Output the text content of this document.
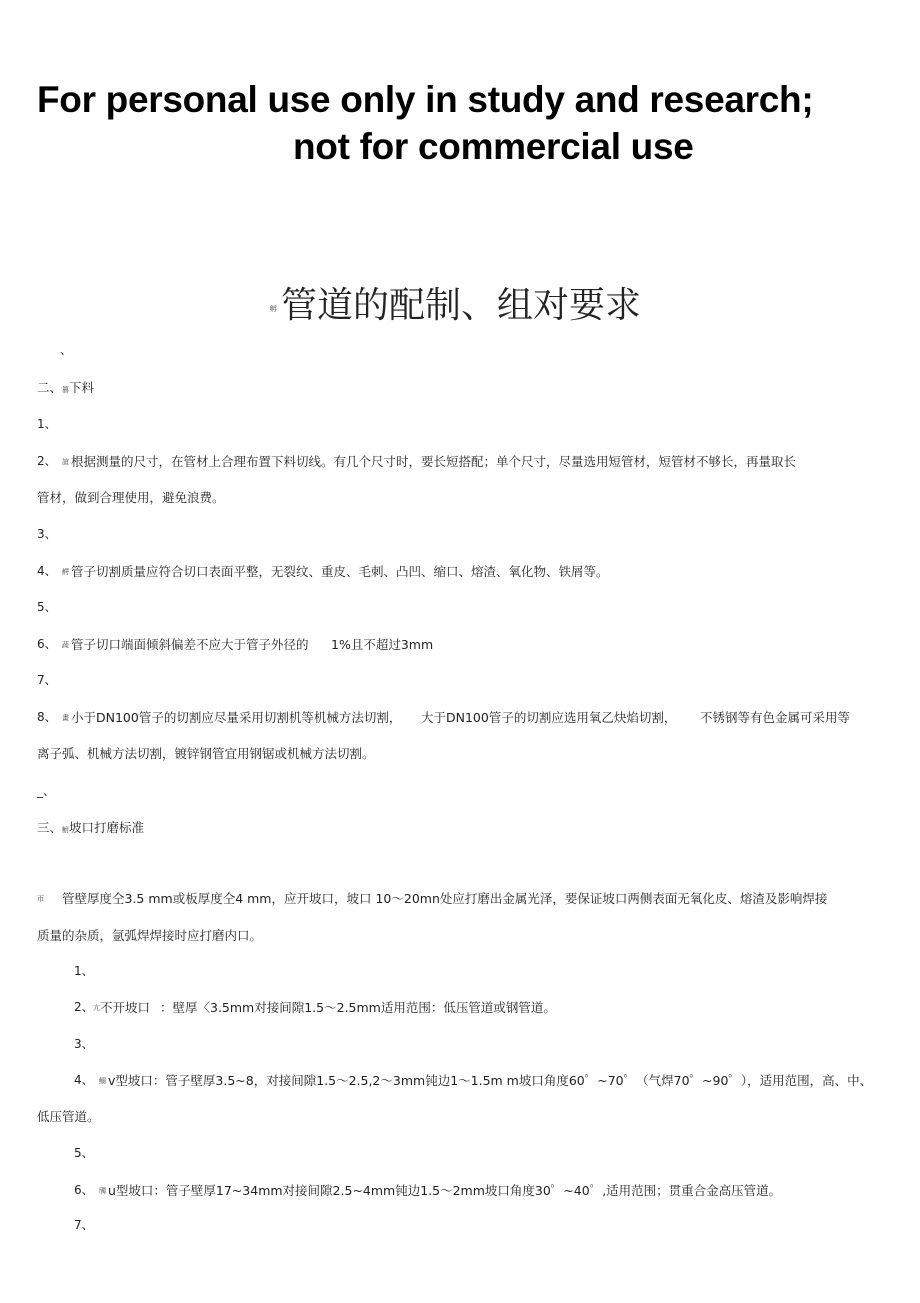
For personal use only in study and research;
not for commercial use
孵 管道的配制、组对要求
、
二、篡下料
1、
2、 誼 根据测量的尺寸，在管材上合理布置下料切线。有几个尺寸时，要长短搭配；单个尺寸，尽量选用短管材，短管材不够长，再量取长
管材，做到合理使用，避免浪费。
3、
4、 鰐 管子切割质量应符合切口表面平整，无裂纹、重皮、毛刺、凸凹、缩口、熔渣、氧化物、铁屑等。
5、
6、 蔬 管子切口端面倾斜偏差不应大于管子外径的 1%且不超过3mm
7、
8、 畫 小于DN100管子的切割应尽量采用切割机等机械方法切割， 大于DN100管子的切割应选用氧乙炔焰切割， 不锈钢等有色金属可采用等
离子弧、机械方法切割，镀锌钢管宜用钢锯或机械方法切割。
_、
三、鮒坡口打磨标准
帀 管壁厚度仝3.5 mm或板厚度仝4 mm，应开坡口，坡口 10～20mn处应打磨出金属光泽，要保证坡口两侧表面无氧化皮、熔渣及影响焊接
质量的杂质，氩弧焊焊接时应打磨内口。
1、
2、 亢 不开坡口 ：壁厚〈3.5mm对接间隙1.5～2.5mm适用范围：低压管道或钢管道。
3、
4、 鰯 v型坡口：管子壁厚3.5~8，对接间隙1.5～2.5,2～3mm钝边1～1.5m m坡口角度60゜~70゜（气焊70゜~90゜），适用范围，高、中、
低压管道。
5、
6、 斶 u型坡口：管子壁厚17~34mm对接间隙2.5~4mm钝边1.5～2mm坡口角度30゜~40゜,适用范围；贯重合金高压管道。
7、
